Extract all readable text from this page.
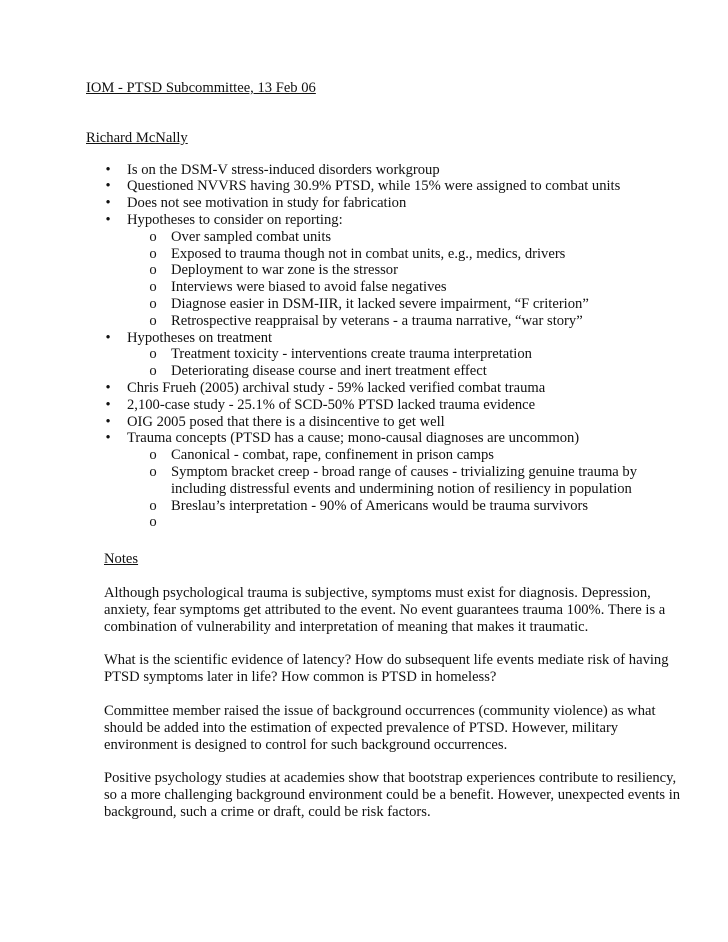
IOM - PTSD Subcommittee, 13 Feb 06
Richard McNally
• Is on the DSM-V stress-induced disorders workgroup
• Questioned NVVRS having 30.9% PTSD, while 15% were assigned to combat units
• Does not see motivation in study for fabrication
• Hypotheses to consider on reporting:
o Over sampled combat units
o Exposed to trauma though not in combat units, e.g., medics, drivers
o Deployment to war zone is the stressor
o Interviews were biased to avoid false negatives
o Diagnose easier in DSM-IIR, it lacked severe impairment, “F criterion”
o Retrospective reappraisal by veterans - a trauma narrative, “war story”
• Hypotheses on treatment
o Treatment toxicity - interventions create trauma interpretation
o Deteriorating disease course and inert treatment effect
• Chris Frueh (2005) archival study - 59% lacked verified combat trauma
• 2,100-case study - 25.1% of SCD-50% PTSD lacked trauma evidence
• OIG 2005 posed that there is a disincentive to get well
• Trauma concepts (PTSD has a cause; mono-causal diagnoses are uncommon)
o Canonical - combat, rape, confinement in prison camps
o Symptom bracket creep - broad range of causes - trivializing genuine trauma by including distressful events and undermining notion of resiliency in population
o Breslau’s interpretation - 90% of Americans would be trauma survivors
o

Notes

Although psychological trauma is subjective, symptoms must exist for diagnosis. Depression, anxiety, fear symptoms get attributed to the event. No event guarantees trauma 100%. There is a combination of vulnerability and interpretation of meaning that makes it traumatic.

What is the scientific evidence of latency? How do subsequent life events mediate risk of having PTSD symptoms later in life? How common is PTSD in homeless?

Committee member raised the issue of background occurrences (community violence) as what should be added into the estimation of expected prevalence of PTSD. However, military environment is designed to control for such background occurrences.

Positive psychology studies at academies show that bootstrap experiences contribute to resiliency, so a more challenging background environment could be a benefit. However, unexpected events in background, such a crime or draft, could be risk factors.
